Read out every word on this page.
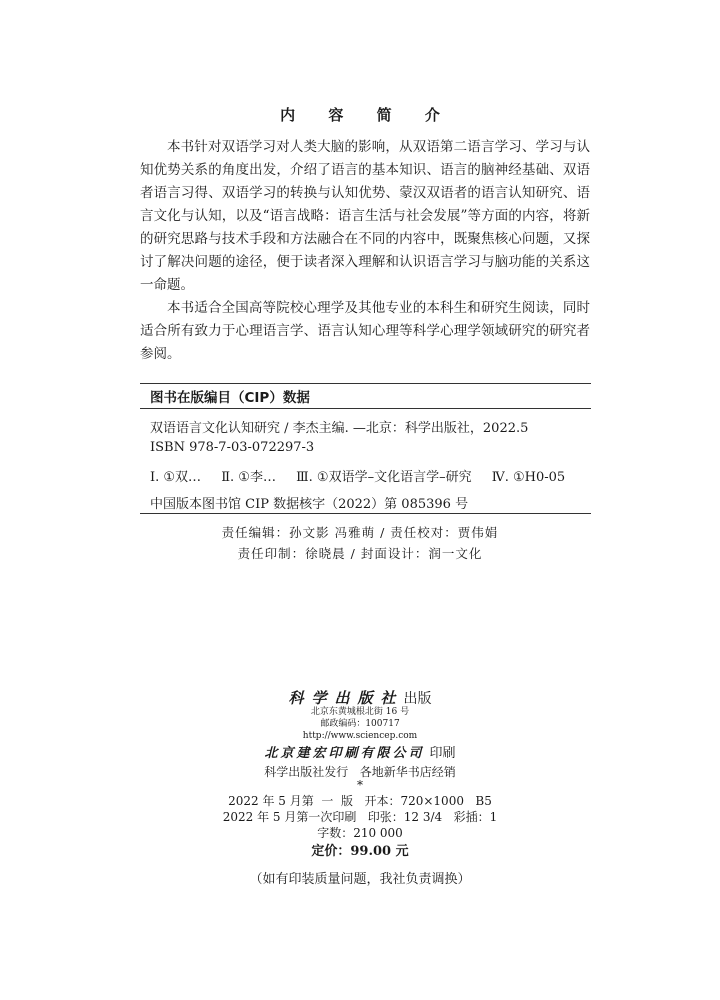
内 容 简 介

本书针对双语学习对人类大脑的影响，从双语第二语言学习、学习与认知优势关系的角度出发，介绍了语言的基本知识、语言的脑神经基础、双语者语言习得、双语学习的转换与认知优势、蒙汉双语者的语言认知研究、语言文化与认知，以及“语言战略：语言生活与社会发展”等方面的内容，将新的研究思路与技术手段和方法融合在不同的内容中，既聚焦核心问题，又探讨了解决问题的途径，便于读者深入理解和认识语言学习与脑功能的关系这一命题。

本书适合全国高等院校心理学及其他专业的本科生和研究生阅读，同时适合所有致力于心理语言学、语言认知心理等科学心理学领域研究的研究者参阅。

图书在版编目（CIP）数据
双语语言文化认知研究 / 李杰主编. —北京：科学出版社，2022.5
ISBN 978-7-03-072297-3
Ⅰ. ①双… Ⅱ. ①李… Ⅲ. ①双语学–文化语言学–研究 Ⅳ. ①H0-05
中国版本图书馆 CIP 数据核字（2022）第 085396 号
责任编辑：孙文影 冯雅萌 / 责任校对：贾伟娟
责任印制：徐晓晨 / 封面设计：润一文化
科学出版社出版
北京东黄城根北街 16 号
邮政编码：100717
http://www.sciencep.com
北京建宏印刷有限公司 印刷
科学出版社发行   各地新华书店经销
*
2022 年 5 月第  一  版   开本：720×1000   B5
2022 年 5 月第一次印刷   印张：12 3/4   彩插：1
字数：210 000
定价：99.00 元
（如有印装质量问题，我社负责调换）
